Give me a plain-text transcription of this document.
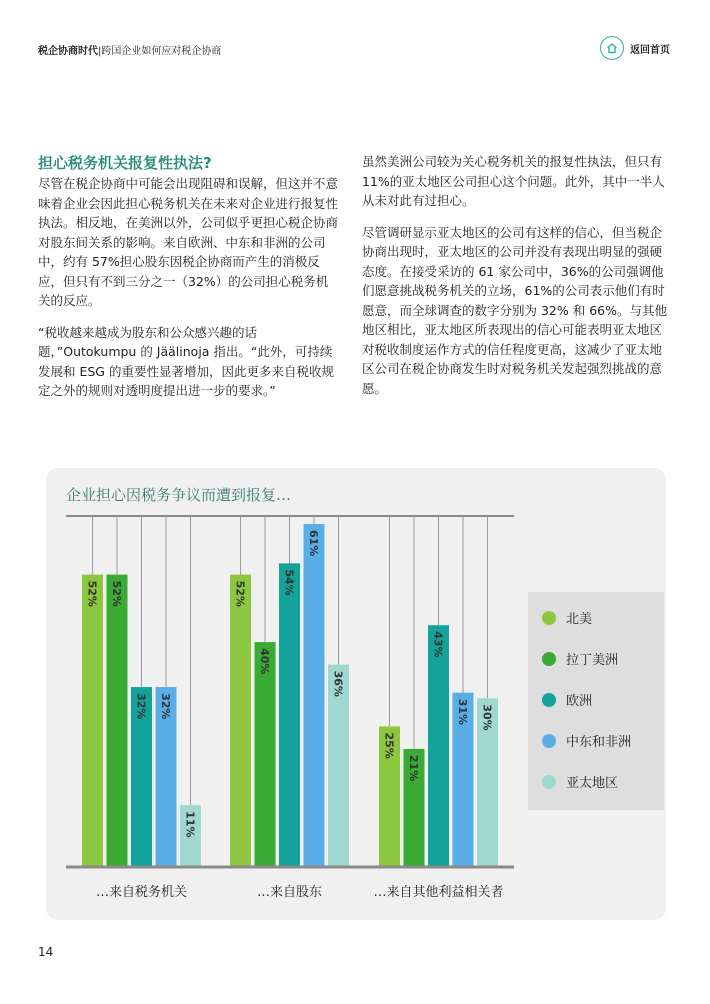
税企协商时代|跨国企业如何应对税企协商	返回首页
担心税务机关报复性执法?

尽管在税企协商中可能会出现阻碍和误解，但这并不意味着企业会因此担心税务机关在未来对企业进行报复性执法。相反地，在美洲以外，公司似乎更担心税企协商对股东间关系的影响。来自欧洲、中东和非洲的公司中，约有 57%担心股东因税企协商而产生的消极反应，但只有不到三分之一（32%）的公司担心税务机关的反应。

“税收越来越成为股东和公众感兴趣的话题，”Outokumpu 的 Jäälinoja 指出。“此外，可持续发展和 ESG 的重要性显著增加，因此更多来自税收规定之外的规则对透明度提出进一步的要求。”

虽然美洲公司较为关心税务机关的报复性执法，但只有 11%的亚太地区公司担心这个问题。此外，其中一半人从未对此有过担心。

尽管调研显示亚太地区的公司有这样的信心，但当税企协商出现时，亚太地区的公司并没有表现出明显的强硬态度。在接受采访的 61 家公司中，36%的公司强调他们愿意挑战税务机关的立场，61%的公司表示他们有时愿意，而全球调查的数字分别为 32% 和 66%。与其他地区相比，亚太地区所表现出的信心可能表明亚太地区对税收制度运作方式的信任程度更高，这减少了亚太地区公司在税企协商发生时对税务机关发起强烈挑战的意愿。

企业担心因税务争议而遭到报复…
52% 52%
32% 32%
11%
52%
40%
54%
61%
36%
25%
21%
43%
31% 30%
北美
拉丁美洲
欧洲
中东和非洲
亚太地区
…来自税务机关	…来自股东	…来自其他利益相关者
14
